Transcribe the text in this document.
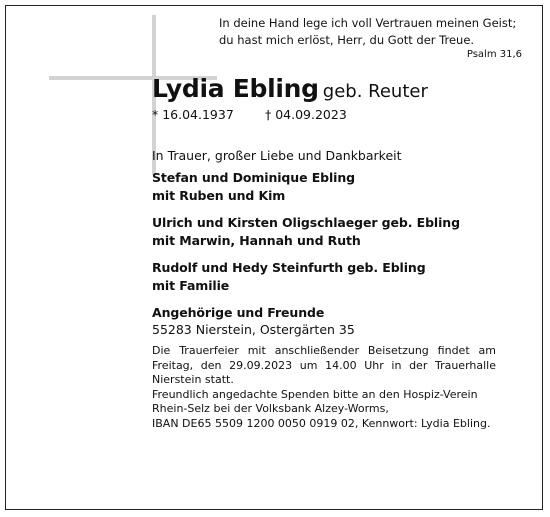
In deine Hand lege ich voll Vertrauen meinen Geist;
du hast mich erlöst, Herr, du Gott der Treue.
Psalm 31,6
Lydia Ebling geb. Reuter
* 16.04.1937 † 04.09.2023
In Trauer, großer Liebe und Dankbarkeit
Stefan und Dominique Ebling
mit Ruben und Kim
Ulrich und Kirsten Oligschlaeger geb. Ebling
mit Marwin, Hannah und Ruth
Rudolf und Hedy Steinfurth geb. Ebling
mit Familie
Angehörige und Freunde
55283 Nierstein, Ostergärten 35
Die Trauerfeier mit anschließender Beisetzung findet am
Freitag, den 29.09.2023 um 14.00 Uhr in der Trauerhalle
Nierstein statt.
Freundlich angedachte Spenden bitte an den Hospiz-Verein
Rhein-Selz bei der Volksbank Alzey-Worms,
IBAN DE65 5509 1200 0050 0919 02, Kennwort: Lydia Ebling.
